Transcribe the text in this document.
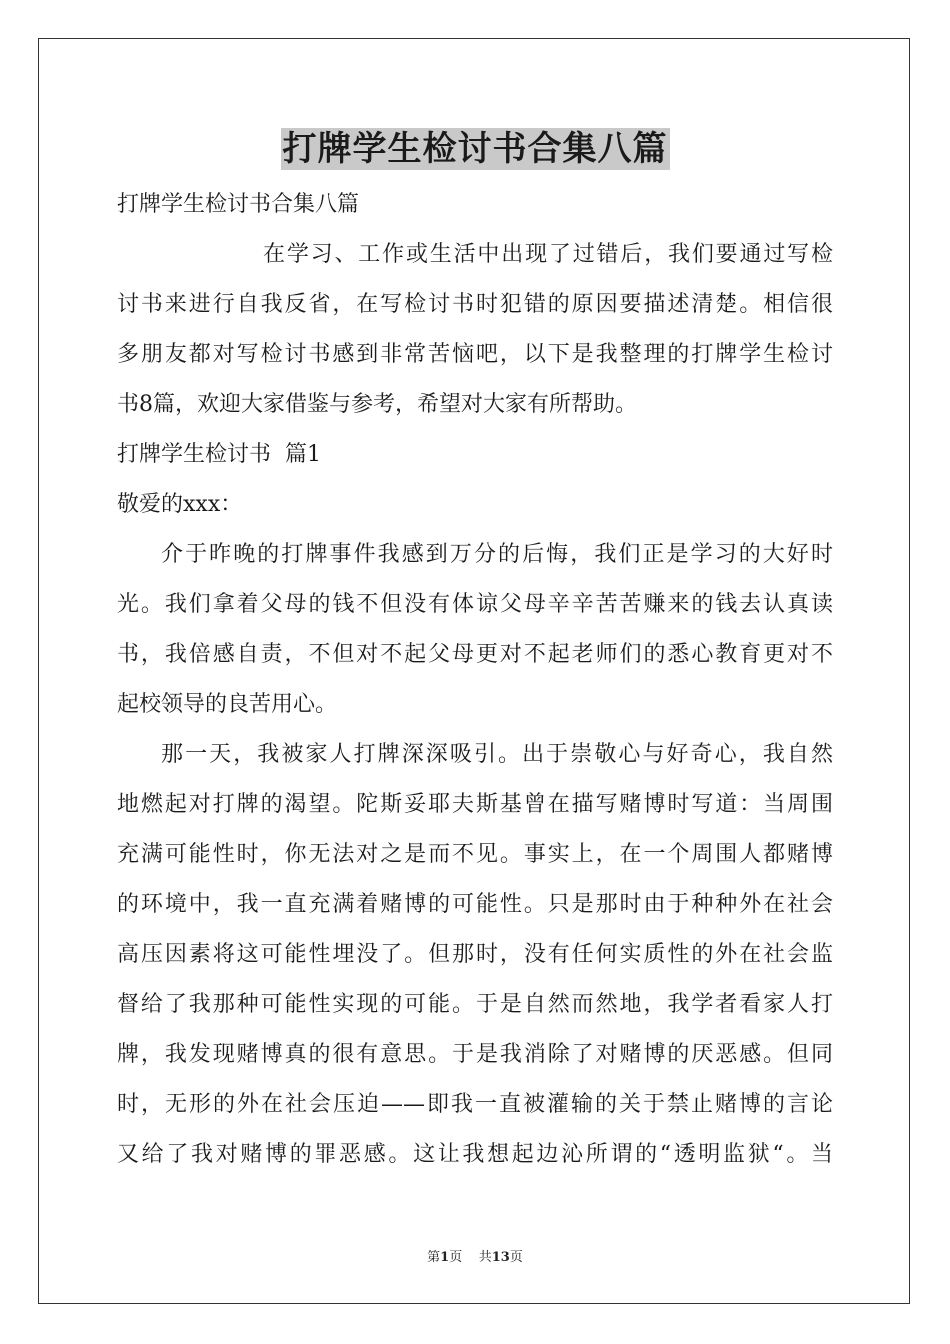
打牌学生检讨书合集八篇
打牌学生检讨书合集八篇
在学习、工作或生活中出现了过错后，我们要通过写检
讨书来进行自我反省，在写检讨书时犯错的原因要描述清楚。相信很
多朋友都对写检讨书感到非常苦恼吧，以下是我整理的打牌学生检讨
书8篇，欢迎大家借鉴与参考，希望对大家有所帮助。
打牌学生检讨书  篇1
敬爱的xxx：
介于昨晚的打牌事件我感到万分的后悔，我们正是学习的大好时
光。我们拿着父母的钱不但没有体谅父母辛辛苦苦赚来的钱去认真读
书，我倍感自责，不但对不起父母更对不起老师们的悉心教育更对不
起校领导的良苦用心。
那一天，我被家人打牌深深吸引。出于崇敬心与好奇心，我自然
地燃起对打牌的渴望。陀斯妥耶夫斯基曾在描写赌博时写道：当周围
充满可能性时，你无法对之是而不见。事实上，在一个周围人都赌博
的环境中，我一直充满着赌博的可能性。只是那时由于种种外在社会
高压因素将这可能性埋没了。但那时，没有任何实质性的外在社会监
督给了我那种可能性实现的可能。于是自然而然地，我学者看家人打
牌，我发现赌博真的很有意思。于是我消除了对赌博的厌恶感。但同
时，无形的外在社会压迫——即我一直被灌输的关于禁止赌博的言论
又给了我对赌博的罪恶感。这让我想起边沁所谓的“透明监狱“。当
第1页 共13页
